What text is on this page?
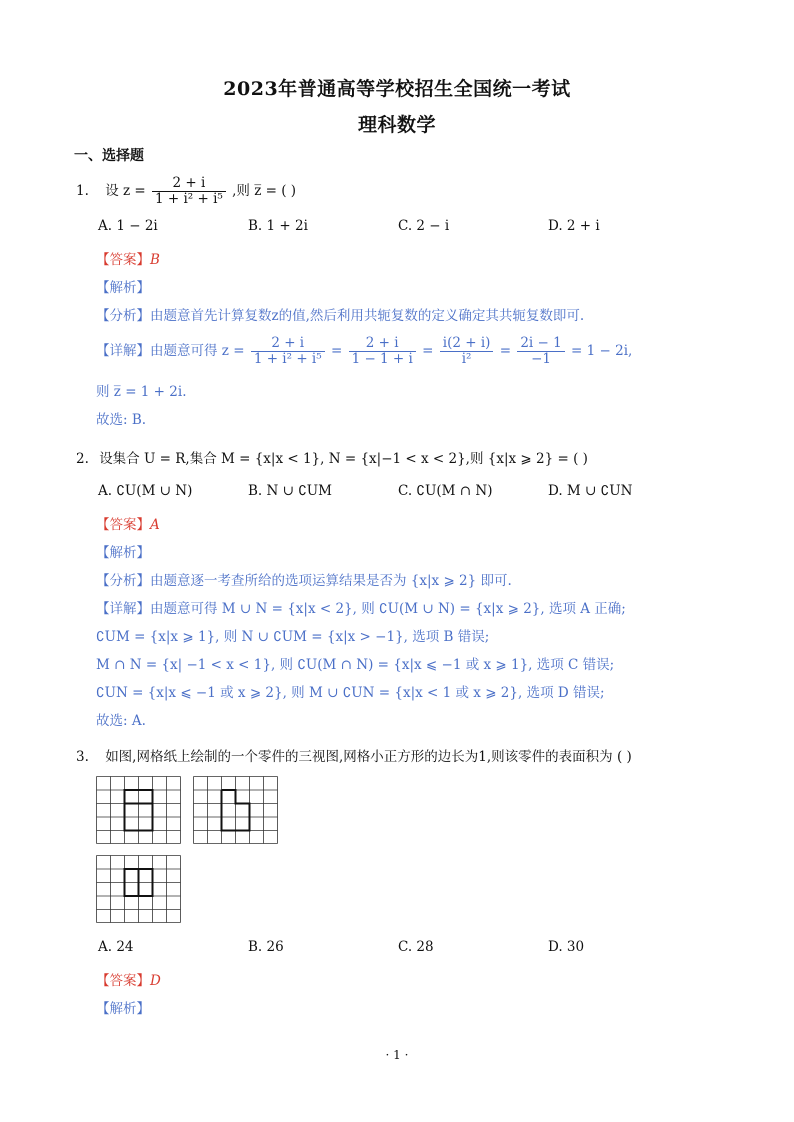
2023年普通高等学校招生全国统一考试
理科数学
一、选择题
1. 设 $z = \frac{2 + i}{\text{1 + i² + i⁵}}$ ,则 z̅ = ( )
A. 1 − 2i	B. 1 + 2i	C. 2 − i	D. 2 + i
【答案】B
【解析】
【分析】由题意首先计算复数z的值,然后利用共轭复数的定义确定其共轭复数即可.
【详解】由题意可得 $z = \frac{2 + i}{\text{1 + i² + i⁵}} = \frac{2 + i}{1 - 1 + i} = \frac{i(2 + i)}{\text{i²}} = \frac{2i - 1}{-1} = 1 - 2i$,
则 z̅ = 1 + 2i.
故选: B.
2. 设集合 U = R,集合 M = {x|x < 1}, N = {x|−1 < x < 2},则 {x|x ⩾ 2} = ( )
A. ∁U(M ∪ N)	B. N ∪ ∁UM	C. ∁U(M ∩ N)	D. M ∪ ∁UN
【答案】A
【解析】
【分析】由题意逐一考查所给的选项运算结果是否为 {x|x ⩾ 2} 即可.
【详解】由题意可得 M ∪ N = {x|x < 2}, 则 ∁U(M ∪ N) = {x|x ⩾ 2}, 选项 A 正确;
∁UM = {x|x ⩾ 1}, 则 N ∪ ∁UM = {x|x > −1}, 选项 B 错误;
M ∩ N = {x| −1 < x < 1}, 则 ∁U(M ∩ N) = {x|x ⩽ −1 或 x ⩾ 1}, 选项 C 错误;
∁UN = {x|x ⩽ −1 或 x ⩾ 2}, 则 M ∪ ∁UN = {x|x < 1 或 x ⩾ 2}, 选项 D 错误;
故选: A.
3. 如图,网格纸上绘制的一个零件的三视图,网格小正方形的边长为1,则该零件的表面积为 ( )
A. 24	B. 26	C. 28	D. 30
【答案】D
【解析】
· 1 ·
